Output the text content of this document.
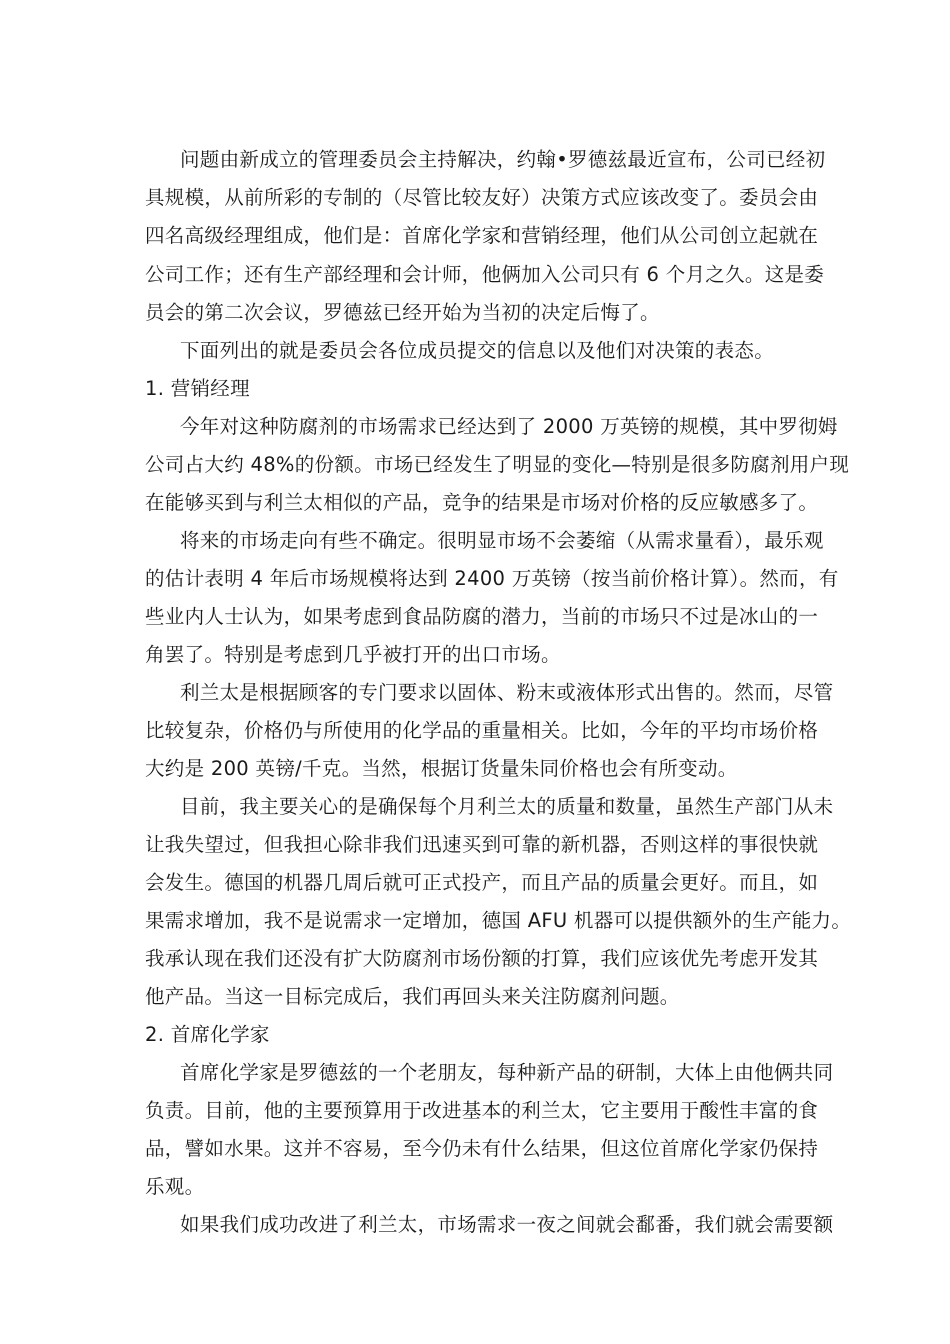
问题由新成立的管理委员会主持解决，约翰•罗德兹最近宣布，公司已经初
具规模，从前所彩的专制的（尽管比较友好）决策方式应该改变了。委员会由
四名高级经理组成，他们是：首席化学家和营销经理，他们从公司创立起就在
公司工作；还有生产部经理和会计师，他俩加入公司只有 6 个月之久。这是委
员会的第二次会议，罗德兹已经开始为当初的决定后悔了。
下面列出的就是委员会各位成员提交的信息以及他们对决策的表态。
1. 营销经理
今年对这种防腐剂的市场需求已经达到了 2000 万英镑的规模，其中罗彻姆
公司占大约 48%的份额。市场已经发生了明显的变化—特别是很多防腐剂用户现
在能够买到与利兰太相似的产品，竞争的结果是市场对价格的反应敏感多了。
将来的市场走向有些不确定。很明显市场不会萎缩（从需求量看），最乐观
的估计表明 4 年后市场规模将达到 2400 万英镑（按当前价格计算）。然而，有
些业内人士认为，如果考虑到食品防腐的潜力，当前的市场只不过是冰山的一
角罢了。特别是考虑到几乎被打开的出口市场。
利兰太是根据顾客的专门要求以固体、粉末或液体形式出售的。然而，尽管
比较复杂，价格仍与所使用的化学品的重量相关。比如，今年的平均市场价格
大约是 200 英镑/千克。当然，根据订货量朱同价格也会有所变动。
目前，我主要关心的是确保每个月利兰太的质量和数量，虽然生产部门从未
让我失望过，但我担心除非我们迅速买到可靠的新机器，否则这样的事很快就
会发生。德国的机器几周后就可正式投产，而且产品的质量会更好。而且，如
果需求增加，我不是说需求一定增加，德国 AFU 机器可以提供额外的生产能力。
我承认现在我们还没有扩大防腐剂市场份额的打算，我们应该优先考虑开发其
他产品。当这一目标完成后，我们再回头来关注防腐剂问题。
2. 首席化学家
首席化学家是罗德兹的一个老朋友，每种新产品的研制，大体上由他俩共同
负责。目前，他的主要预算用于改进基本的利兰太，它主要用于酸性丰富的食
品，譬如水果。这并不容易，至今仍未有什么结果，但这位首席化学家仍保持
乐观。
如果我们成功改进了利兰太，市场需求一夜之间就会鄱番，我们就会需要额
